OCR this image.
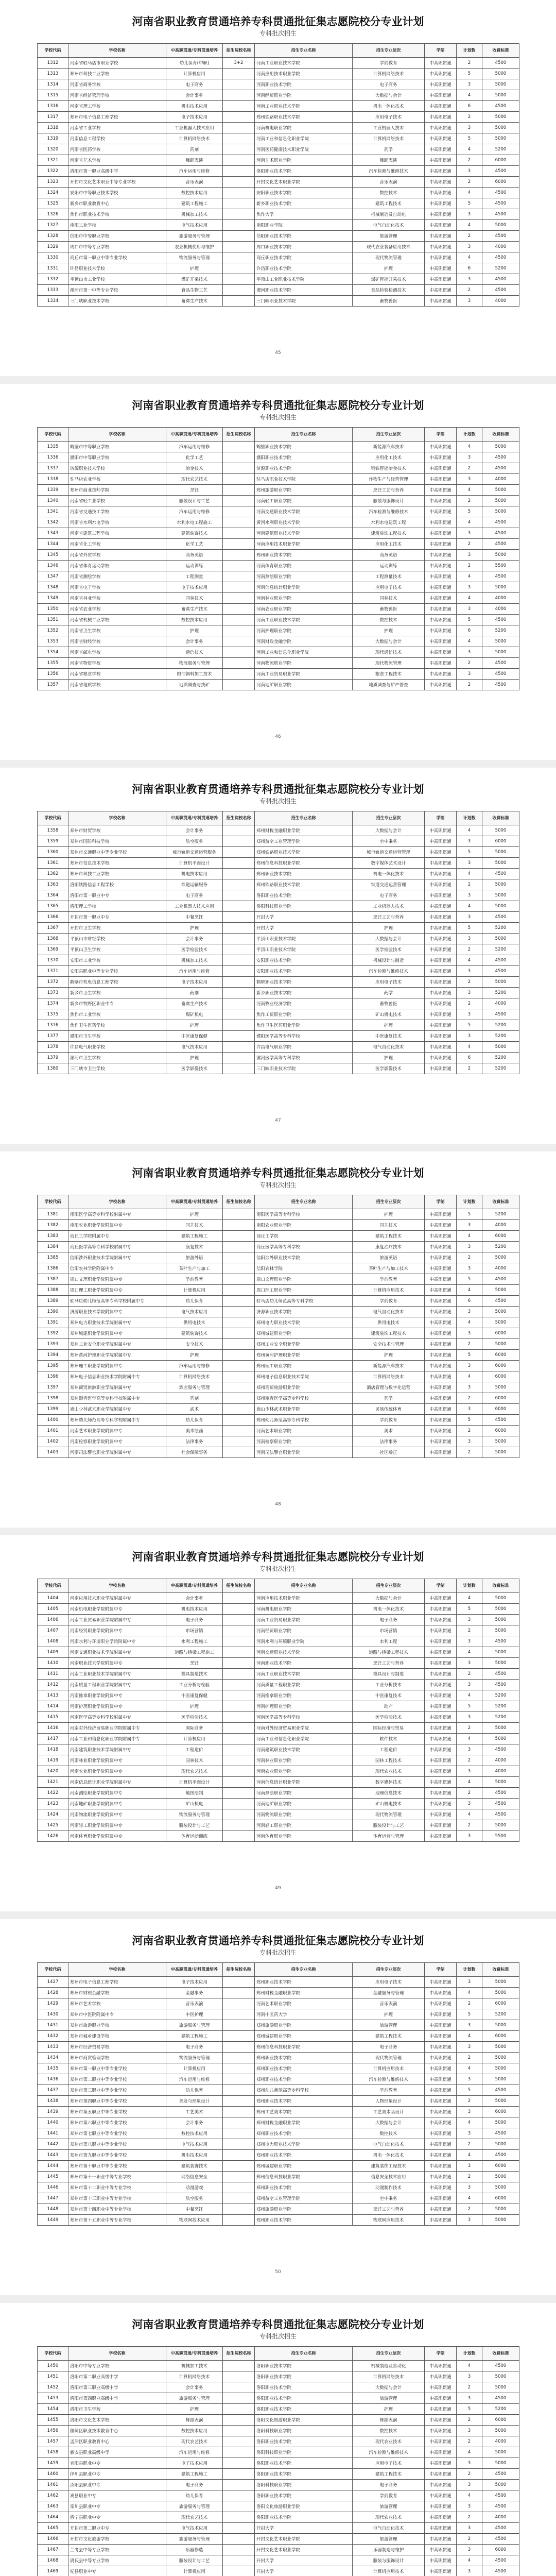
河南省职业教育贯通培养专科贯通批征集志愿院校分专业计划
专科批次招生
学校代码	学校名称	中高职贯通/专科贯通培养	招生院校名称	招生专业名称	招生专业层次	学制	计划数	收费标准
1312	河南省驻马店市职业学校	幼儿保育(中职)	3+2	河南工业职业技术学院	学前教育	中高职贯通	2	4500
1313	郑州市科技工业学校	计算机应用		河南应用技术职业学院	计算机网络技术	中高职贯通	5	5000
1314	河南省商务学校	电子商务		河南职业技术学院	电子商务	中高职贯通	3	5000
1315	河南省经济管理学校	会计事务		河南经贸职业学院	大数据与会计	中高职贯通	4	5000
1316	河南省理工学校	机电技术应用		河南工业职业技术学院	机电一体化技术	中高职贯通	6	4500
1317	郑州市电子信息工程学校	电子技术应用		郑州铁路职业技术学院	应用电子技术	中高职贯通	2	5000
1318	河南省工业学校	工业机器人技术应用		河南机电职业学院	工业机器人技术	中高职贯通	3	5000
1319	河南信息工程学校	计算机网络技术		河南工业和信息化职业学院	计算机网络技术	中高职贯通	5	5000
1320	河南省医药学校	药剂		河南医药健康技术职业学院	药学	中高职贯通	4	5200
1321	河南省艺术学校	舞蹈表演		河南艺术职业学院	舞蹈表演	中高职贯通	2	6000
1322	洛阳市第一职业高级中学	汽车运用与维修		洛阳职业技术学院	汽车检测与维修技术	中高职贯通	3	4500
1323	开封市文化艺术职业中等专业学校	音乐表演		开封文化艺术职业学院	音乐表演	中高职贯通	2	6000
1324	安阳市中等职业技术学校	数控技术应用		安阳职业技术学院	数控技术	中高职贯通	4	4500
1325	新乡市职业教育中心	建筑工程施工		新乡职业技术学院	建筑工程技术	中高职贯通	5	4500
1326	焦作市职业技术学校	机械加工技术		焦作大学	机械制造及自动化	中高职贯通	3	4500
1327	南阳工业学校	电气技术应用		南阳职业学院	电气自动化技术	中高职贯通	4	5000
1328	信阳市中等职业学校	旅游服务与管理		信阳职业技术学院	旅游管理	中高职贯通	2	4500
1329	周口市中等专业学校	农业机械使用与维护		周口职业技术学院	现代农业装备应用技术	中高职贯通	3	4000
1330	商丘市第一职业中等专业学校	物流服务与管理		商丘职业技术学院	现代物流管理	中高职贯通	4	4500
1331	许昌职业技术学校	护理		许昌职业技术学院	护理	中高职贯通	6	5200
1332	平顶山市工业学校	煤矿开采技术		平顶山工业职业技术学院	煤矿智能开采技术	中高职贯通	3	4500
1333	漯河市第一中等专业学校	食品生物工艺		漯河职业技术学院	食品检验检测技术	中高职贯通	2	4500
1334	三门峡职业技术学校	畜禽生产技术		三门峡职业技术学院	畜牧兽医	中高职贯通	3	4000
45
河南省职业教育贯通培养专科贯通批征集志愿院校分专业计划
专科批次招生
学校代码	学校名称	中高职贯通/专科贯通培养	招生院校名称	招生专业名称	招生专业层次	学制	计划数	收费标准
1335	鹤壁市中等职业学校	汽车运用与维修		鹤壁职业技术学院	新能源汽车技术	中高职贯通	4	5000
1336	濮阳市中等职业学校	化学工艺		濮阳职业技术学院	应用化工技术	中高职贯通	3	4500
1337	济源职业技术学校	冶金技术		济源职业技术学院	钢铁智能冶金技术	中高职贯通	2	4500
1338	驻马店农业学校	现代农艺技术		驻马店职业技术学院	作物生产与经营管理	中高职贯通	3	4000
1339	郑州市商业技师学院	烹饪		郑州旅游职业学院	烹饪工艺与营养	中高职贯通	4	5000
1340	河南省轻工业学校	服装设计与工艺		河南轻工职业学院	服装与服饰设计	中高职贯通	2	5000
1341	河南省交通技工学校	汽车运用与维修		河南交通职业技术学院	汽车检测与维修技术	中高职贯通	5	5000
1342	河南省水利水电学校	水利水电工程施工		黄河水利职业技术学院	水利水电建筑工程	中高职贯通	4	4500
1343	河南省建筑工程学校	建筑装饰技术		河南建筑职业技术学院	建筑装饰工程技术	中高职贯通	3	4500
1344	河南省化工学校	化学工艺		河南应用技术职业学院	应用化工技术	中高职贯通	2	4500
1345	河南省外贸学校	商务英语		郑州职业技术学院	商务英语	中高职贯通	3	5000
1346	河南省体育运动学校	运动训练		河南体育职业学院	运动训练	中高职贯通	2	5500
1347	河南省测绘学校	工程测量		河南测绘职业学院	工程测量技术	中高职贯通	4	4500
1348	河南省电子学校	电子技术应用		河南信息统计职业学院	应用电子技术	中高职贯通	3	5000
1349	河南省林业学校	园林技术		河南林业职业学院	园林技术	中高职贯通	4	4000
1350	河南省农业学校	畜禽生产技术		河南农业职业学院	畜牧兽医	中高职贯通	3	4000
1351	河南省机械工业学校	数控技术应用		河南工业职业技术学院	数控技术	中高职贯通	5	4500
1352	河南省卫生学校	护理		河南护理职业学院	护理	中高职贯通	6	5200
1353	河南省财经学校	会计事务		河南财政金融学院	大数据与会计	中高职贯通	4	5000
1354	河南省邮电学校	通信技术		河南工业和信息化职业学院	现代通信技术	中高职贯通	3	5000
1355	河南省物资学校	物流服务与管理		河南物流职业学院	现代物流管理	中高职贯通	2	4500
1356	河南省粮食学校	粮油饲料加工技术		河南工业贸易职业学院	粮食工程技术	中高职贯通	3	4500
1357	河南省地质学校	地质调查与找矿		河南地矿职业学院	地质调查与矿产普查	中高职贯通	2	4500
46
河南省职业教育贯通培养专科贯通批征集志愿院校分专业计划
专科批次招生
学校代码	学校名称	中高职贯通/专科贯通培养	招生院校名称	招生专业名称	招生专业层次	学制	计划数	收费标准
1358	郑州市财贸学校	会计事务		郑州财税金融职业学院	大数据与会计	中高职贯通	4	5000
1359	郑州市国防科技学校	航空服务		郑州航空工业管理学院	空中乘务	中高职贯通	3	6000
1360	郑州市交通职业中等专业学校	城市轨道交通运营服务		郑州铁路职业技术学院	城市轨道交通运营管理	中高职贯通	5	5000
1361	郑州市信息技术学校	计算机平面设计		郑州信息科技职业学院	数字媒体艺术设计	中高职贯通	3	5000
1362	郑州市科技工业学校	机电技术应用		郑州职业技术学院	机电一体化技术	中高职贯通	4	4500
1363	洛阳铁路信息工程学校	铁道运输服务		郑州铁路职业技术学院	铁道交通运营管理	中高职贯通	2	5000
1364	洛阳市第一职业中专	电子商务		洛阳职业技术学院	电子商务	中高职贯通	3	5000
1365	洛阳理工学校	工业机器人技术应用		洛阳科技职业学院	工业机器人技术	中高职贯通	4	5000
1366	开封市第一职业中专	中餐烹饪		开封大学	烹饪工艺与营养	中高职贯通	3	4500
1367	开封市卫生学校	护理		开封大学	护理	中高职贯通	5	5200
1368	平顶山市财经学校	会计事务		平顶山职业技术学院	大数据与会计	中高职贯通	3	5000
1369	平顶山卫生学校	医学检验技术		平顶山职业技术学院	医学检验技术	中高职贯通	2	5200
1370	安阳市工业学校	机械加工技术		安阳职业技术学院	机械设计与制造	中高职贯通	4	4500
1371	安阳县职业中等专业学校	汽车运用与维修		安阳职业技术学院	汽车检测与维修技术	中高职贯通	3	4500
1372	鹤壁市机电信息工程学校	电子技术应用		鹤壁职业技术学院	应用电子技术	中高职贯通	2	5000
1373	新乡市卫生学校	药剂		新乡职业技术学院	药学	中高职贯通	3	5200
1374	新乡市牧野区职业中专	畜禽生产技术		河南牧业经济学院	畜牧兽医	中高职贯通	2	4000
1375	焦作市工业学校	煤矿机电		焦作工贸职业学院	矿山机电技术	中高职贯通	3	4500
1376	焦作卫生医药学校	护理		焦作卫生医药职业学院	护理	中高职贯通	5	5200
1377	濮阳市卫生学校	中医康复保健		濮阳医学高等专科学校	中医康复技术	中高职贯通	3	5200
1378	许昌电气职业学校	电气技术应用		许昌电气职业学院	电气自动化技术	中高职贯通	4	5000
1379	漯河市卫生学校	护理		漯河医学高等专科学校	护理	中高职贯通	6	5200
1380	三门峡市卫生学校	医学影像技术		三门峡职业技术学院	医学影像技术	中高职贯通	2	5200
47
河南省职业教育贯通培养专科贯通批征集志愿院校分专业计划
专科批次招生
学校代码	学校名称	中高职贯通/专科贯通培养	招生院校名称	招生专业名称	招生专业层次	学制	计划数	收费标准
1381	南阳医学高等专科学校附属中专	护理		南阳医学高等专科学校	护理	中高职贯通	5	5200
1382	南阳农业职业学院附属中专	园艺技术		南阳农业职业学院	园艺技术	中高职贯通	3	4000
1383	商丘工学院附属中专	建筑工程施工		商丘工学院	建筑工程技术	中高职贯通	4	6000
1384	商丘医学高等专科学校附属中专	康复技术		商丘医学高等专科学校	康复治疗技术	中高职贯通	3	5200
1385	信阳涉外职业技术学院附属中专	旅游外语		信阳涉外职业技术学院	旅游英语	中高职贯通	2	5000
1386	信阳农林学院附属中专	茶叶生产与加工		信阳农林学院	茶叶生产与加工技术	中高职贯通	3	4000
1387	周口文理职业学院附属中专	学前教育		周口文理职业学院	学前教育	中高职贯通	5	4500
1388	周口理工职业学院附属中专	计算机应用		周口理工职业学院	计算机应用技术	中高职贯通	4	5000
1389	驻马店幼儿师范高等专科学校附属中专	幼儿保育		驻马店幼儿师范高等专科学校	学前教育	中高职贯通	6	4500
1390	济源职业技术学院附属中专	电气技术应用		济源职业技术学院	电气自动化技术	中高职贯通	3	5000
1391	郑州电力职业技术学院附属中专	供用电技术		郑州电力职业技术学院	供用电技术	中高职贯通	4	5000
1392	郑州城建职业学院附属中专	建筑装饰技术		郑州城建职业学院	建筑装饰工程技术	中高职贯通	3	6000
1393	郑州工业安全职业学院附属中专	安全技术		郑州工业安全职业学院	安全技术与管理	中高职贯通	2	5000
1394	郑州黄河护理职业学院附属中专	护理		郑州黄河护理职业学院	护理	中高职贯通	5	6000
1395	郑州理工职业学院附属中专	汽车运用与维修		郑州理工职业学院	新能源汽车技术	中高职贯通	3	6000
1396	郑州电子信息职业技术学院附属中专	计算机网络技术		郑州电子信息职业技术学院	计算机网络技术	中高职贯通	4	6000
1397	郑州商贸旅游职业学院附属中专	酒店服务与管理		郑州商贸旅游职业学院	酒店管理与数字化运营	中高职贯通	3	5000
1398	郑州澍青医学高等专科学校附属中专	药剂		郑州澍青医学高等专科学校	药学	中高职贯通	2	6000
1399	嵩山少林武术职业学院附属中专	武术		嵩山少林武术职业学院	民族传统体育	中高职贯通	3	6000
1400	郑州幼儿师范高等专科学校附属中专	幼儿保育		郑州幼儿师范高等专科学校	学前教育	中高职贯通	5	4500
1401	河南艺术职业学院附属中专	美术绘画		河南艺术职业学院	美术	中高职贯通	2	6000
1402	河南检察职业学院附属中专	法律事务		河南检察职业学院	法律事务	中高职贯通	3	5000
1403	河南司法警官职业学院附属中专	社会保障事务		河南司法警官职业学院	社区矫正	中高职贯通	2	5000
48
河南省职业教育贯通培养专科贯通批征集志愿院校分专业计划
专科批次招生
学校代码	学校名称	中高职贯通/专科贯通培养	招生院校名称	招生专业名称	招生专业层次	学制	计划数	收费标准
1404	河南应用技术职业学院附属中专	会计事务		河南应用技术职业学院	大数据与会计	中高职贯通	4	5000
1405	河南机电职业学院附属中专	机电技术应用		河南机电职业学院	机电一体化技术	中高职贯通	5	5000
1406	河南工业贸易职业学院附属中专	电子商务		河南工业贸易职业学院	电子商务	中高职贯通	3	5000
1407	河南经贸职业学院附属中专	市场营销		河南经贸职业学院	市场营销	中高职贯通	2	5000
1408	河南水利与环境职业学院附属中专	水利工程施工		河南水利与环境职业学院	水利工程	中高职贯通	3	4500
1409	河南交通职业技术学院附属中专	道路与桥梁工程施工		河南交通职业技术学院	道路与桥梁工程技术	中高职贯通	4	5000
1410	河南职业技术学院附属中专	烹饪		河南职业技术学院	烹饪工艺与营养	中高职贯通	3	5000
1411	河南工业职业技术学院附属中专	模具制造技术		河南工业职业技术学院	模具设计与制造	中高职贯通	2	4500
1412	河南质量工程职业学院附属中专	工业分析与检验		河南质量工程职业学院	工业分析技术	中高职贯通	3	4500
1413	河南推拿职业学院附属中专	中医康复保健		河南推拿职业学院	中医康复技术	中高职贯通	4	5200
1414	河南护理职业学院附属中专	护理		河南护理职业学院	助产	中高职贯通	5	5200
1415	河南医学高等专科学校附属中专	医学检验技术		河南医学高等专科学校	医学检验技术	中高职贯通	3	5200
1416	河南对外经济贸易职业学院附属中专	国际商务		河南对外经济贸易职业学院	国际经济与贸易	中高职贯通	2	5000
1417	河南工业和信息化职业学院附属中专	计算机应用		河南工业和信息化职业学院	软件技术	中高职贯通	4	5000
1418	河南建筑职业技术学院附属中专	工程造价		河南建筑职业技术学院	工程造价	中高职贯通	3	4500
1419	河南林业职业学院附属中专	园林技术		河南林业职业学院	园林工程技术	中高职贯通	2	4000
1420	河南农业职业学院附属中专	现代农艺技术		河南农业职业学院	现代农业技术	中高职贯通	3	4000
1421	河南信息统计职业学院附属中专	计算机平面设计		河南信息统计职业学院	数字媒体技术	中高职贯通	4	5000
1422	河南测绘职业学院附属中专	地图绘制		河南测绘职业学院	地理信息技术	中高职贯通	2	4500
1423	河南地矿职业学院附属中专	矿山机电		河南地矿职业学院	矿山机电技术	中高职贯通	3	4500
1424	河南物流职业学院附属中专	物流服务与管理		河南物流职业学院	现代物流管理	中高职贯通	4	4500
1425	河南轻工职业学院附属中专	服装设计与工艺		河南轻工职业学院	服装设计与工艺	中高职贯通	2	5000
1426	河南体育职业学院附属中专	体育运动训练		河南体育职业学院	体育运营与管理	中高职贯通	3	5500
49
河南省职业教育贯通培养专科贯通批征集志愿院校分专业计划
专科批次招生
学校代码	学校名称	中高职贯通/专科贯通培养	招生院校名称	招生专业名称	招生专业层次	学制	计划数	收费标准
1427	郑州市电子信息工程学校	电子技术应用		郑州职业技术学院	应用电子技术	中高职贯通	3	5000
1428	郑州市财税金融学校	金融事务		郑州财税金融职业学院	金融服务与管理	中高职贯通	4	5000
1429	郑州市艺术学校	音乐表演		河南艺术职业学院	音乐表演	中高职贯通	2	6000
1430	郑州市中医院附属中专	中医护理		河南中医药大学	护理	中高职贯通	5	5200
1431	郑州市旅游职业学校	旅游服务与管理		郑州旅游职业学院	旅游管理	中高职贯通	3	5000
1432	郑州市城乡建设学校	建筑工程施工		郑州城建职业学院	建筑工程技术	中高职贯通	4	6000
1433	郑州市经济贸易学校	电子商务		郑州信息科技职业学院	电子商务	中高职贯通	3	5000
1434	郑州市商贸管理学校	物流服务与管理		郑州职业技术学院	现代物流管理	中高职贯通	2	5000
1435	郑州市第一职业中等专业学校	计算机应用		郑州职业技术学院	计算机应用技术	中高职贯通	4	5000
1436	郑州市第二职业中等专业学校	汽车运用与维修		郑州职业技术学院	汽车检测与维修技术	中高职贯通	3	5000
1437	郑州市第三职业中等专业学校	幼儿保育		郑州幼儿师范高等专科学校	学前教育	中高职贯通	5	4500
1438	郑州市第四职业中等专业学校	美发与形象设计		郑州职业技术学院	人物形象设计	中高职贯通	2	5000
1439	郑州市第五职业中等专业学校	工艺美术		郑州工艺美术学院	工艺美术品设计	中高职贯通	3	6000
1440	郑州市第六职业中等专业学校	会计事务		郑州财税金融职业学院	大数据与会计	中高职贯通	4	5000
1441	郑州市第七职业中等专业学校	数控技术应用		郑州职业技术学院	数控技术	中高职贯通	3	4500
1442	郑州市第八职业中等专业学校	电气技术应用		郑州电力职业技术学院	电气自动化技术	中高职贯通	2	5000
1443	郑州市第九职业中等专业学校	机电技术应用		郑州职业技术学院	机电一体化技术	中高职贯通	4	4500
1444	郑州市第十职业中等专业学校	建筑装饰技术		郑州城建职业学院	建筑装饰工程技术	中高职贯通	3	6000
1445	郑州市第十一职业中等专业学校	网络信息安全		郑州信息科技职业学院	信息安全技术应用	中高职贯通	2	5000
1446	郑州市第十二职业中等专业学校	动漫游戏		郑州职业技术学院	动漫制作技术	中高职贯通	3	5000
1447	郑州市第十三职业中等专业学校	航空服务		郑州航空工业管理学院	空中乘务	中高职贯通	4	6000
1448	郑州市第十四职业中等专业学校	中餐烹饪		郑州旅游职业学院	烹饪工艺与营养	中高职贯通	2	5000
1449	郑州市第十五职业中等专业学校	物联网技术应用		郑州职业技术学院	物联网应用技术	中高职贯通	3	5000
50
河南省职业教育贯通培养专科贯通批征集志愿院校分专业计划
专科批次招生
学校代码	学校名称	中高职贯通/专科贯通培养	招生院校名称	招生专业名称	招生专业层次	学制	计划数	收费标准
1450	洛阳市中等专业学校	机械加工技术		洛阳职业技术学院	机械制造及自动化	中高职贯通	4	4500
1451	洛阳市第二职业高级中学	计算机网络技术		洛阳职业技术学院	计算机网络技术	中高职贯通	3	5000
1452	洛阳市第三职业高级中学	会计事务		洛阳职业技术学院	大数据与会计	中高职贯通	2	5000
1453	洛阳市第四职业高级中学	旅游服务与管理		洛阳职业技术学院	旅游管理	中高职贯通	3	4500
1454	洛阳市卫生学校	护理		洛阳职业技术学院	护理	中高职贯通	5	5200
1455	洛阳市文化艺术学校	舞蹈表演		洛阳文化旅游职业学院	舞蹈表演	中高职贯通	2	6000
1456	偃师区职业技术教育中心	数控技术应用		洛阳科技职业学院	数控技术	中高职贯通	3	5000
1457	孟津区职业教育中心	现代农艺技术		洛阳职业技术学院	现代农业技术	中高职贯通	2	4000
1458	新安县职业高级中学	汽车运用与维修		洛阳科技职业学院	汽车检测与维修技术	中高职贯通	4	5000
1459	宜阳县职业中专	电子技术应用		洛阳职业技术学院	应用电子技术	中高职贯通	3	5000
1460	伊川县职业中专	建筑工程施工		洛阳职业技术学院	建筑工程技术	中高职贯通	2	4500
1461	汝阳县职业中专	电子商务		洛阳科技职业学院	电子商务	中高职贯通	3	5000
1462	嵩县职业中专	幼儿保育		洛阳职业技术学院	学前教育	中高职贯通	4	4500
1463	栾川县职业中专	旅游服务与管理		洛阳文化旅游职业学院	旅游管理	中高职贯通	3	4500
1464	洛宁县职业中专	现代农艺技术		洛阳职业技术学院	现代农业技术	中高职贯通	2	4000
1465	开封市第二职业中专	电气技术应用		开封大学	电气自动化技术	中高职贯通	3	4500
1466	开封市文化旅游学校	旅游服务与管理		开封文化艺术职业学院	旅游管理	中高职贯通	2	4500
1467	兰考县中等专业学校	乐器修造		开封文化艺术职业学院	乐器制造与维护	中高职贯通	3	6000
1468	尉氏县中等专业学校	服装设计与工艺		开封大学	服装与服饰设计	中高职贯通	4	4500
1469	杞县职业中专	计算机应用		开封大学	计算机应用技术	中高职贯通	3	4500
